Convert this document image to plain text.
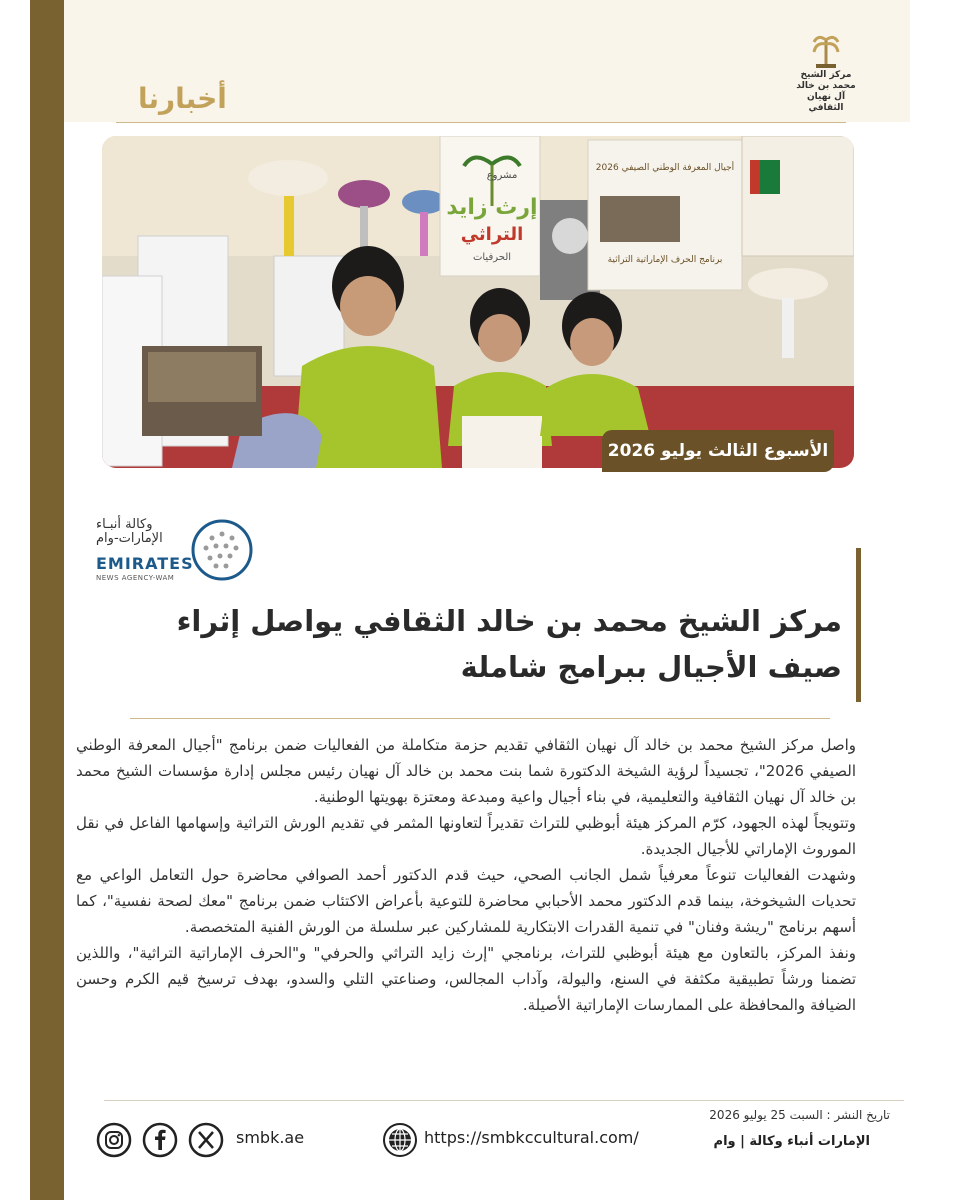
أخبارنا
مركز الشيخ
محمد بن خالد
آل نهيان الثقافي
مشروع
إرث زايد
التراثي
الحرفيات
أجيال المعرفة الوطني الصيفي 2026
برنامج الحرف الإماراتية التراثية
الأسبوع الثالث يوليو 2026
وكالة أنبـاء
الإمارات-وام
EMIRATES
NEWS AGENCY-WAM
مركز الشيخ محمد بن خالد الثقافي يواصل إثراء
صيف الأجيال ببرامج شاملة

واصل مركز الشيخ محمد بن خالد آل نهيان الثقافي تقديم حزمة متكاملة من الفعاليات ضمن برنامج "أجيال المعرفة الوطني الصيفي 2026"، تجسيداً لرؤية الشيخة الدكتورة شما بنت محمد بن خالد آل نهيان رئيس مجلس إدارة مؤسسات الشيخ محمد بن خالد آل نهيان الثقافية والتعليمية، في بناء أجيال واعية ومبدعة ومعتزة بهويتها الوطنية.

وتتويجاً لهذه الجهود، كرّم المركز هيئة أبوظبي للتراث تقديراً لتعاونها المثمر في تقديم الورش التراثية وإسهامها الفاعل في نقل الموروث الإماراتي للأجيال الجديدة.

وشهدت الفعاليات تنوعاً معرفياً شمل الجانب الصحي، حيث قدم الدكتور أحمد الصوافي محاضرة حول التعامل الواعي مع تحديات الشيخوخة، بينما قدم الدكتور محمد الأحبابي محاضرة للتوعية بأعراض الاكتئاب ضمن برنامج "معك لصحة نفسية"، كما أسهم برنامج "ريشة وفنان" في تنمية القدرات الابتكارية للمشاركين عبر سلسلة من الورش الفنية المتخصصة.

ونفذ المركز، بالتعاون مع هيئة أبوظبي للتراث، برنامجي "إرث زايد التراثي والحرفي" و"الحرف الإماراتية التراثية"، واللذين تضمنا ورشاً تطبيقية مكثفة في السنع، واليولة، وآداب المجالس، وصناعتي التلي والسدو، بهدف ترسيخ قيم الكرم وحسن الضيافة والمحافظة على الممارسات الإماراتية الأصيلة.

تاريخ النشر : السبت 25 يوليو 2026
الإمارات أنباء وكالة | وام
https://smbkccultural.com/
smbk.ae
